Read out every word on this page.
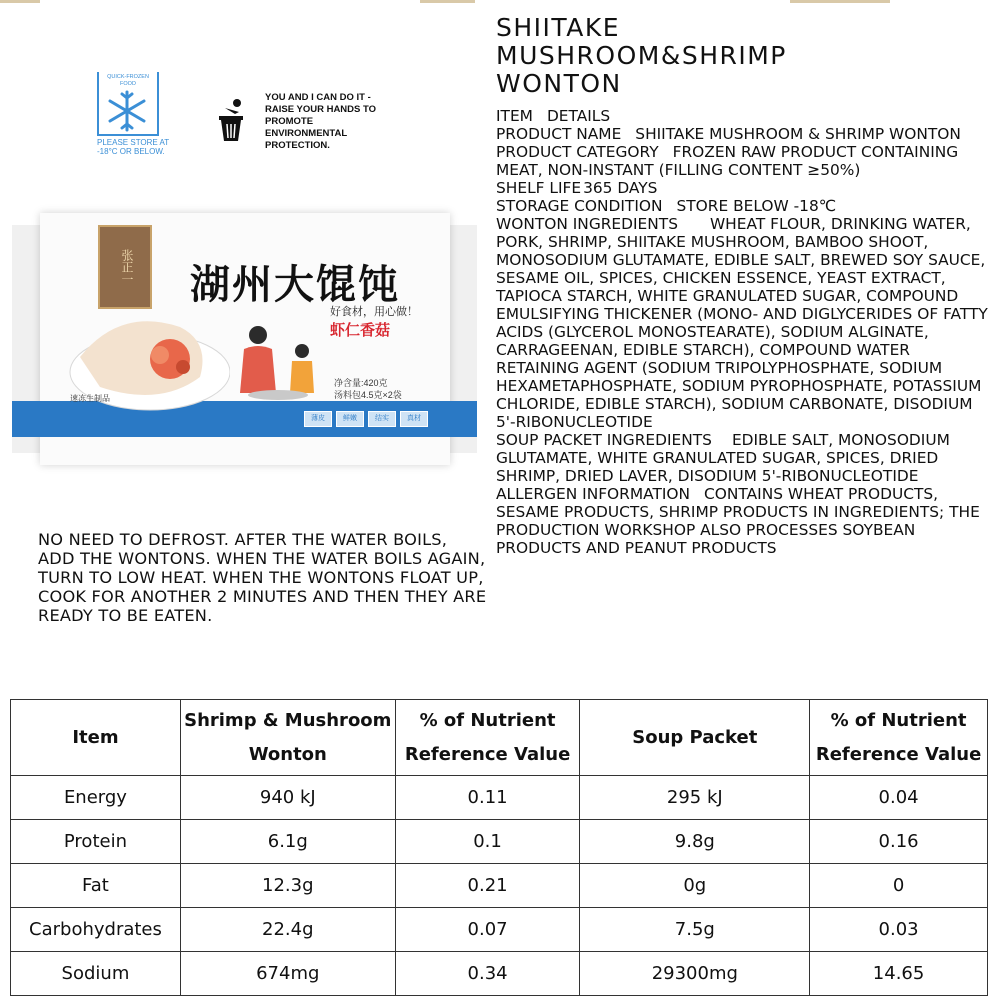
SHIITAKE MUSHROOM&SHRIMP WONTON
QUICK-FROZEN FOOD
PLEASE STORE AT -18°C OR BELOW.
YOU AND I CAN DO IT - RAISE YOUR HANDS TO PROMOTE ENVIRONMENTAL PROTECTION.
张正一	湖州大馄饨
好食材，用心做！
虾仁香菇
净含量:420克
汤料包4.5克×2袋
速冻生制品
薄皮	鲜嫩	结实	真材
ITEM DETAILS
PRODUCT NAME SHIITAKE MUSHROOM & SHRIMP WONTON
PRODUCT CATEGORY FROZEN RAW PRODUCT CONTAINING MEAT, NON-INSTANT (FILLING CONTENT ≥50%)
SHELF LIFE 365 DAYS
STORAGE CONDITION STORE BELOW -18℃
WONTON INGREDIENTS WHEAT FLOUR, DRINKING WATER, PORK, SHRIMP, SHIITAKE MUSHROOM, BAMBOO SHOOT, MONOSODIUM GLUTAMATE, EDIBLE SALT, BREWED SOY SAUCE, SESAME OIL, SPICES, CHICKEN ESSENCE, YEAST EXTRACT, TAPIOCA STARCH, WHITE GRANULATED SUGAR, COMPOUND EMULSIFYING THICKENER (MONO- AND DIGLYCERIDES OF FATTY ACIDS (GLYCEROL MONOSTEARATE), SODIUM ALGINATE, CARRAGEENAN, EDIBLE STARCH), COMPOUND WATER RETAINING AGENT (SODIUM TRIPOLYPHOSPHATE, SODIUM HEXAMETAPHOSPHATE, SODIUM PYROPHOSPHATE, POTASSIUM CHLORIDE, EDIBLE STARCH), SODIUM CARBONATE, DISODIUM 5'-RIBONUCLEOTIDE
SOUP PACKET INGREDIENTS EDIBLE SALT, MONOSODIUM GLUTAMATE, WHITE GRANULATED SUGAR, SPICES, DRIED SHRIMP, DRIED LAVER, DISODIUM 5'-RIBONUCLEOTIDE
ALLERGEN INFORMATION CONTAINS WHEAT PRODUCTS, SESAME PRODUCTS, SHRIMP PRODUCTS IN INGREDIENTS; THE PRODUCTION WORKSHOP ALSO PROCESSES SOYBEAN PRODUCTS AND PEANUT PRODUCTS
NO NEED TO DEFROST. AFTER THE WATER BOILS, ADD THE WONTONS. WHEN THE WATER BOILS AGAIN, TURN TO LOW HEAT. WHEN THE WONTONS FLOAT UP, COOK FOR ANOTHER 2 MINUTES AND THEN THEY ARE READY TO BE EATEN.
Item	Shrimp & Mushroom Wonton	% of Nutrient Reference Value	Soup Packet	% of Nutrient Reference Value
Energy	940 kJ	0.11	295 kJ	0.04
Protein	6.1g	0.1	9.8g	0.16
Fat	12.3g	0.21	0g	0
Carbohydrates	22.4g	0.07	7.5g	0.03
Sodium	674mg	0.34	29300mg	14.65
